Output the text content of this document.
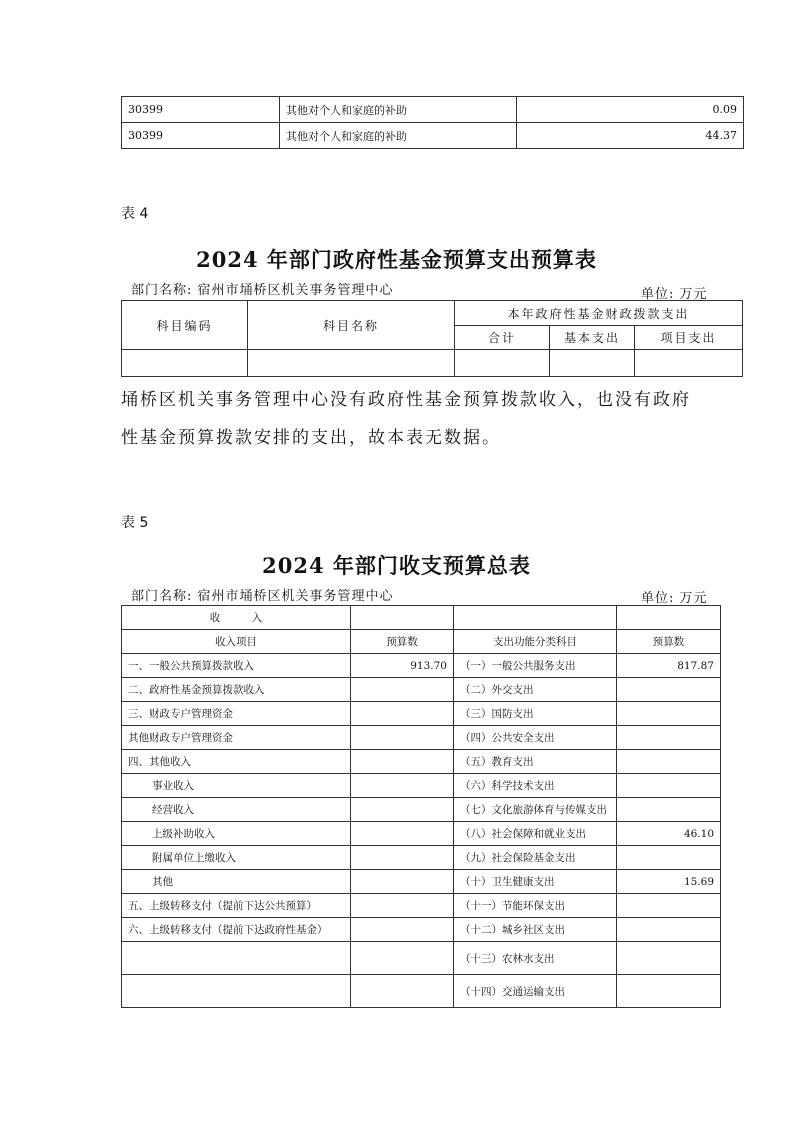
30399	其他对个人和家庭的补助	0.09
30399	其他对个人和家庭的补助	44.37
表 4
2024 年部门政府性基金预算支出预算表
部门名称: 宿州市埇桥区机关事务管理中心	单位: 万元
科目编码	科目名称	本年政府性基金财政拨款支出		
		合计	基本支出	项目支出

埇桥区机关事务管理中心没有政府性基金预算拨款收入，也没有政府
性基金预算拨款安排的支出，故本表无数据。
表 5
2024 年部门收支预算总表
部门名称: 宿州市埇桥区机关事务管理中心	单位: 万元
收　　　入			
收入项目	预算数	支出功能分类科目	预算数
一、一般公共预算拨款收入	913.70	（一）一般公共服务支出	817.87
二、政府性基金预算拨款收入		（二）外交支出	
三、财政专户管理资金		（三）国防支出	
其他财政专户管理资金		（四）公共安全支出	
四、其他收入		（五）教育支出	
事业收入		（六）科学技术支出	
经营收入		（七）文化旅游体育与传媒支出	
上级补助收入		（八）社会保障和就业支出	46.10
附属单位上缴收入		（九）社会保险基金支出	
其他		（十）卫生健康支出	15.69
五、上级转移支付（提前下达公共预算）		（十一）节能环保支出	
六、上级转移支付（提前下达政府性基金）		（十二）城乡社区支出	
		（十三）农林水支出	
		（十四）交通运输支出	
